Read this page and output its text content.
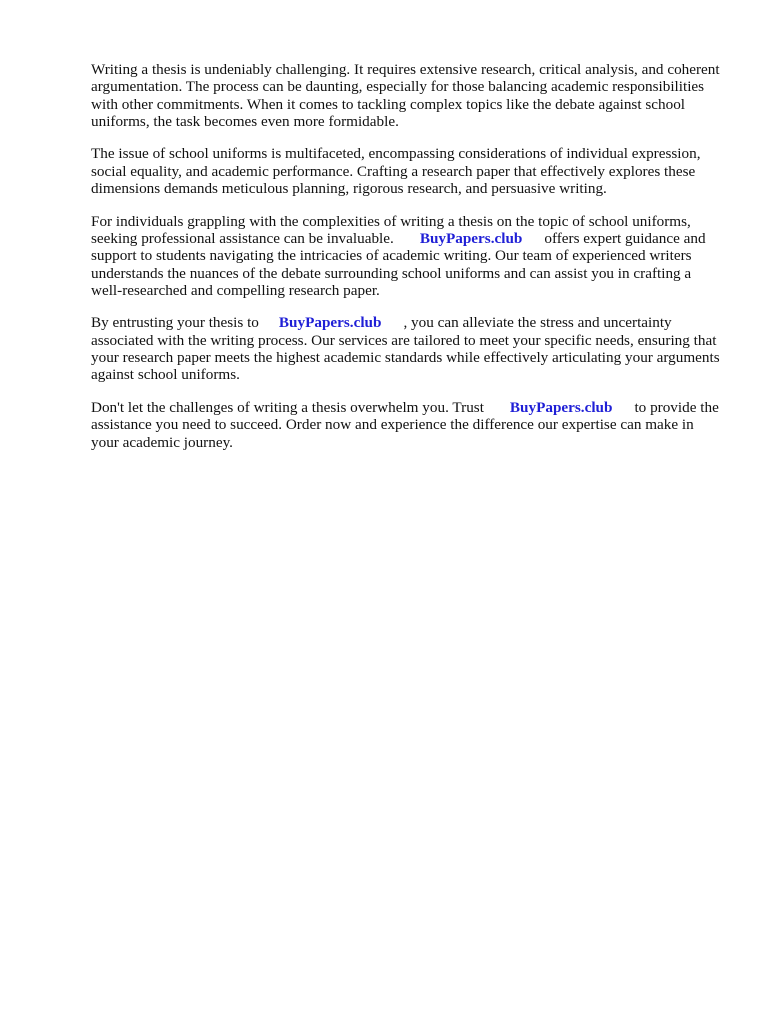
Writing a thesis is undeniably challenging. It requires extensive research, critical analysis, and coherent argumentation. The process can be daunting, especially for those balancing academic responsibilities with other commitments. When it comes to tackling complex topics like the debate against school uniforms, the task becomes even more formidable.

The issue of school uniforms is multifaceted, encompassing considerations of individual expression, social equality, and academic performance. Crafting a research paper that effectively explores these dimensions demands meticulous planning, rigorous research, and persuasive writing.

For individuals grappling with the complexities of writing a thesis on the topic of school uniforms, seeking professional assistance can be invaluable. BuyPapers.club offers expert guidance and support to students navigating the intricacies of academic writing. Our team of experienced writers understands the nuances of the debate surrounding school uniforms and can assist you in crafting a well-researched and compelling research paper.

By entrusting your thesis to BuyPapers.club , you can alleviate the stress and uncertainty associated with the writing process. Our services are tailored to meet your specific needs, ensuring that your research paper meets the highest academic standards while effectively articulating your arguments against school uniforms.

Don't let the challenges of writing a thesis overwhelm you. Trust BuyPapers.club to provide the assistance you need to succeed. Order now and experience the difference our expertise can make in your academic journey.
